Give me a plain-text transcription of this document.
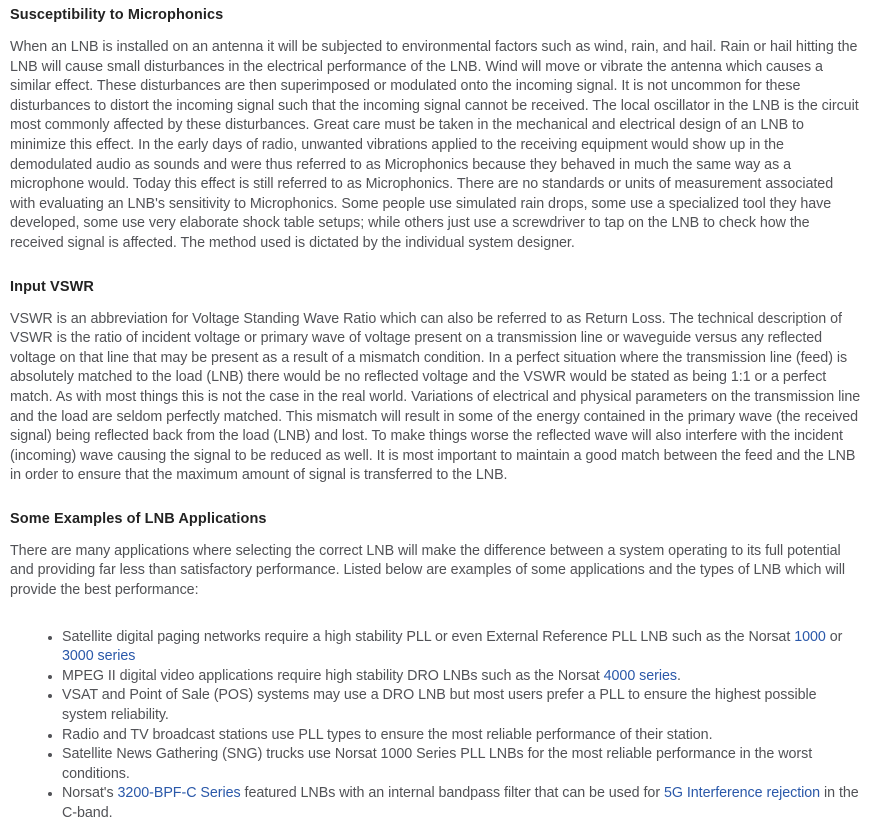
Susceptibility to Microphonics

When an LNB is installed on an antenna it will be subjected to environmental factors such as wind, rain, and hail. Rain or hail hitting the LNB will cause small disturbances in the electrical performance of the LNB. Wind will move or vibrate the antenna which causes a similar effect. These disturbances are then superimposed or modulated onto the incoming signal. It is not uncommon for these disturbances to distort the incoming signal such that the incoming signal cannot be received. The local oscillator in the LNB is the circuit most commonly affected by these disturbances. Great care must be taken in the mechanical and electrical design of an LNB to minimize this effect. In the early days of radio, unwanted vibrations applied to the receiving equipment would show up in the demodulated audio as sounds and were thus referred to as Microphonics because they behaved in much the same way as a microphone would. Today this effect is still referred to as Microphonics. There are no standards or units of measurement associated with evaluating an LNB's sensitivity to Microphonics. Some people use simulated rain drops, some use a specialized tool they have developed, some use very elaborate shock table setups; while others just use a screwdriver to tap on the LNB to check how the received signal is affected. The method used is dictated by the individual system designer.

Input VSWR

VSWR is an abbreviation for Voltage Standing Wave Ratio which can also be referred to as Return Loss. The technical description of VSWR is the ratio of incident voltage or primary wave of voltage present on a transmission line or waveguide versus any reflected voltage on that line that may be present as a result of a mismatch condition. In a perfect situation where the transmission line (feed) is absolutely matched to the load (LNB) there would be no reflected voltage and the VSWR would be stated as being 1:1 or a perfect match. As with most things this is not the case in the real world. Variations of electrical and physical parameters on the transmission line and the load are seldom perfectly matched. This mismatch will result in some of the energy contained in the primary wave (the received signal) being reflected back from the load (LNB) and lost. To make things worse the reflected wave will also interfere with the incident (incoming) wave causing the signal to be reduced as well. It is most important to maintain a good match between the feed and the LNB in order to ensure that the maximum amount of signal is transferred to the LNB.

Some Examples of LNB Applications

There are many applications where selecting the correct LNB will make the difference between a system operating to its full potential and providing far less than satisfactory performance. Listed below are examples of some applications and the types of LNB which will provide the best performance:

• Satellite digital paging networks require a high stability PLL or even External Reference PLL LNB such as the Norsat 1000 or 3000 series
• MPEG II digital video applications require high stability DRO LNBs such as the Norsat 4000 series.
• VSAT and Point of Sale (POS) systems may use a DRO LNB but most users prefer a PLL to ensure the highest possible system reliability.
• Radio and TV broadcast stations use PLL types to ensure the most reliable performance of their station.
• Satellite News Gathering (SNG) trucks use Norsat 1000 Series PLL LNBs for the most reliable performance in the worst conditions.
• Norsat's 3200-BPF-C Series featured LNBs with an internal bandpass filter that can be used for 5G Interference rejection in the C-band.
